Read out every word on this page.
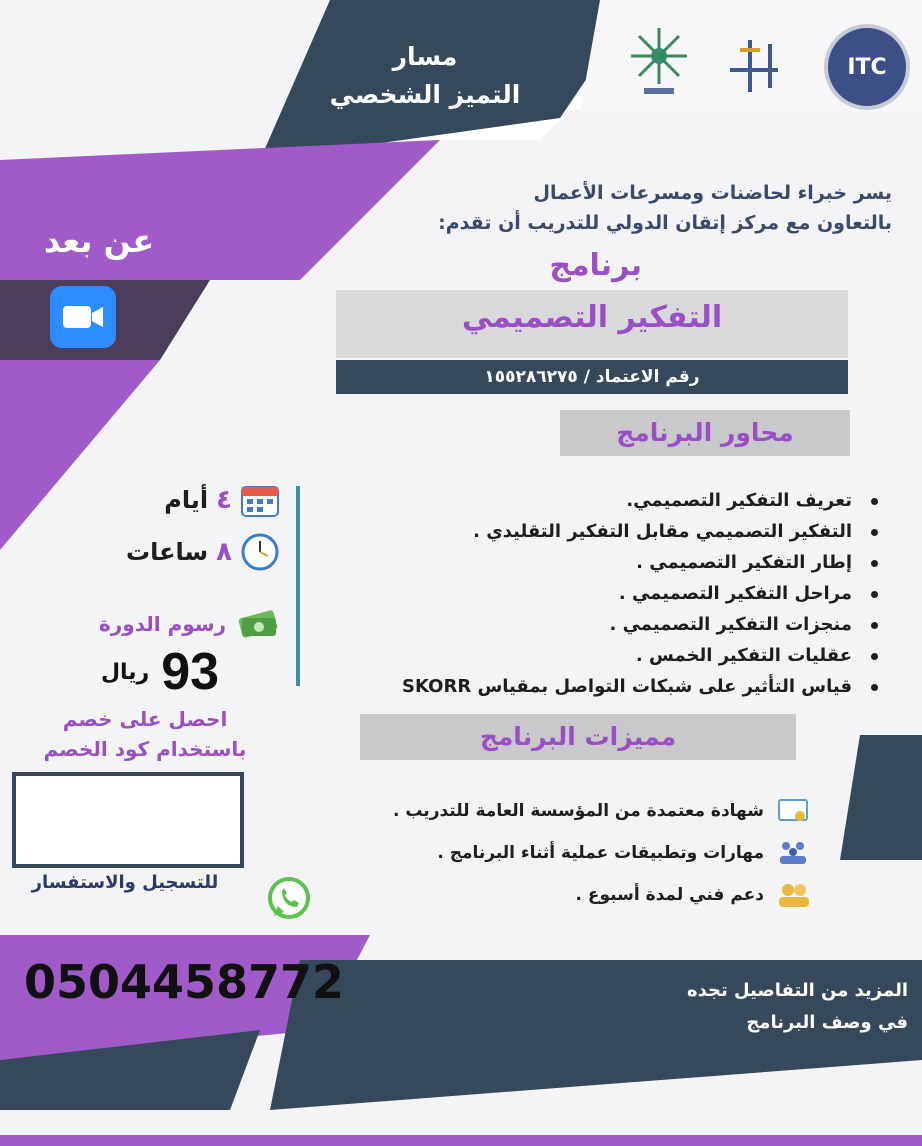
ITC
مسار
التميز الشخصي
يسر خبراء لحاضنات ومسرعات الأعمال
بالتعاون مع مركز إتقان الدولي للتدريب أن تقدم:
برنامج
التفكير التصميمي
رقم الاعتماد / ١٥٥٢٨٦٢٧٥
عن بعد
محاور البرنامج
تعريف التفكير التصميمي.
التفكير التصميمي مقابل التفكير التقليدي .
إطار التفكير التصميمي .
مراحل التفكير التصميمي .
منجزات التفكير التصميمي .
عقليات التفكير الخمس .
قياس التأثير على شبكات التواصل بمقياس SKORR
٤
أيام
٨
ساعات
رسوم الدورة
93
ريال
احصل على خصم
باستخدام كود الخصم
للتسجيل والاستفسار
0504458772
مميزات البرنامج
شهادة معتمدة من المؤسسة العامة للتدريب .
مهارات وتطبيقات عملية أثناء البرنامج .
دعم فني لمدة أسبوع .
المزيد من التفاصيل تجده
في وصف البرنامج
